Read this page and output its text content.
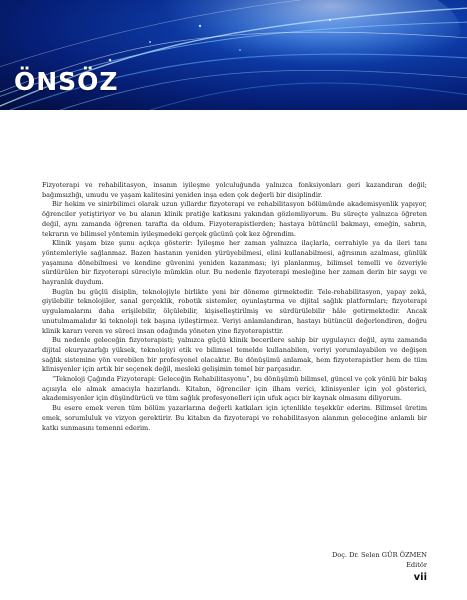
ÖNSÖZ

Fizyoterapi ve rehabilitasyon, insanın iyileşme yolculuğunda yalnızca fonksiyonları geri kazandıran değil; bağımsızlığı, umudu ve yaşam kalitesini yeniden inşa eden çok değerli bir disiplindir.

Bir hekim ve sinirbilimci olarak uzun yıllardır fizyoterapi ve rehabilitasyon bölümünde akademisyenlik yapıyor, öğrenciler yetiştiriyor ve bu alanın klinik pratiğe katkısını yakından gözlemliyorum. Bu süreçte yalnızca öğreten değil, aynı zamanda öğrenen tarafta da oldum. Fizyoterapistlerden; hastaya bütüncül bakmayı, emeğin, sabrın, tekrarın ve bilimsel yöntemin iyileşmedeki gerçek gücünü çok kez öğrendim.

Klinik yaşam bize şunu açıkça gösterir: İyileşme her zaman yalnızca ilaçlarla, cerrahiyle ya da ileri tanı yöntemleriyle sağlanmaz. Bazen hastanın yeniden yürüyebilmesi, elini kullanabilmesi, ağrısının azalması, günlük yaşamına dönebilmesi ve kendine güvenini yeniden kazanması; iyi planlanmış, bilimsel temelli ve özveriyle sürdürülen bir fizyoterapi süreciyle mümkün olur. Bu nedenle fizyoterapi mesleğine her zaman derin bir saygı ve hayranlık duydum.

Bugün bu güçlü disiplin, teknolojiyle birlikte yeni bir döneme girmektedir. Tele-rehabilitasyon, yapay zekâ, giyilebilir teknolojiler, sanal gerçeklik, robotik sistemler, oyunlaştırma ve dijital sağlık platformları; fizyoterapi uygulamalarını daha erişilebilir, ölçülebilir, kişiselleştirilmiş ve sürdürülebilir hâle getirmektedir. Ancak unutulmamalıdır ki teknoloji tek başına iyileştirmez. Veriyi anlamlandıran, hastayı bütüncül değerlendiren, doğru klinik kararı veren ve süreci insan odağında yöneten yine fizyoterapisttir.

Bu nedenle geleceğin fizyoterapisti; yalnızca güçlü klinik becerilere sahip bir uygulayıcı değil, aynı zamanda dijital okuryazarlığı yüksek, teknolojiyi etik ve bilimsel temelde kullanabilen, veriyi yorumlayabilen ve değişen sağlık sistemine yön verebilen bir profesyonel olacaktır. Bu dönüşümü anlamak, hem fizyoterapistler hem de tüm klinisyenler için artık bir seçenek değil, mesleki gelişimin temel bir parçasıdır.

“Teknoloji Çağında Fizyoterapi: Geleceğin Rehabilitasyonu”, bu dönüşümü bilimsel, güncel ve çok yönlü bir bakış açısıyla ele almak amacıyla hazırlandı. Kitabın, öğrenciler için ilham verici, klinisyenler için yol gösterici, akademisyenler için düşündürücü ve tüm sağlık profesyonelleri için ufuk açıcı bir kaynak olmasını diliyorum.

Bu esere emek veren tüm bölüm yazarlarına değerli katkıları için içtenlikle teşekkür ederim. Bilimsel üretim emek, sorumluluk ve vizyon gerektirir. Bu kitabın da fizyoterapi ve rehabilitasyon alanının geleceğine anlamlı bir katkı sunmasını temenni ederim.

Doç. Dr. Selen GÜR ÖZMEN
Editör
vii
